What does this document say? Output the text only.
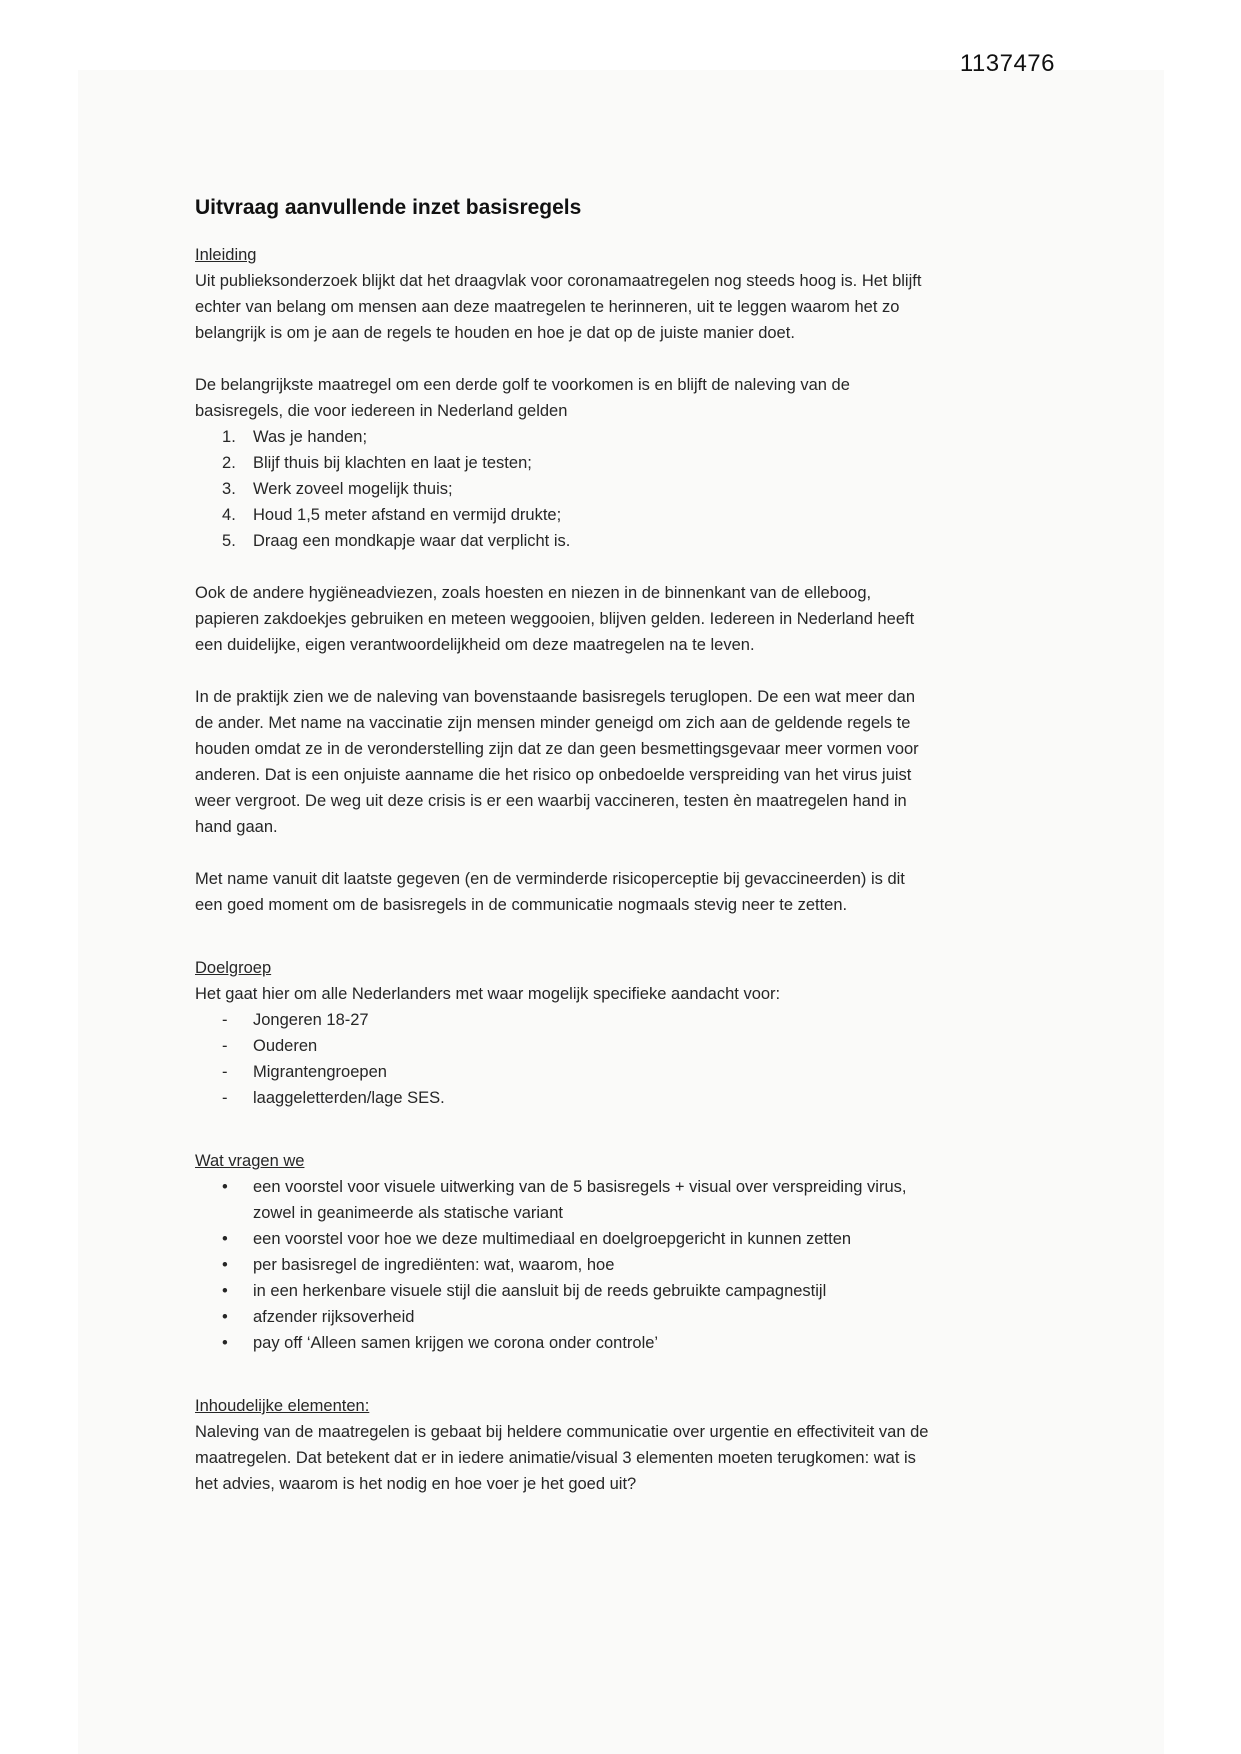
1137476
Uitvraag aanvullende inzet basisregels
Inleiding

Uit publieksonderzoek blijkt dat het draagvlak voor coronamaatregelen nog steeds hoog is. Het blijft echter van belang om mensen aan deze maatregelen te herinneren, uit te leggen waarom het zo belangrijk is om je aan de regels te houden en hoe je dat op de juiste manier doet.

De belangrijkste maatregel om een derde golf te voorkomen is en blijft de naleving van de basisregels, die voor iedereen in Nederland gelden

Was je handen;
Blijf thuis bij klachten en laat je testen;
Werk zoveel mogelijk thuis;
Houd 1,5 meter afstand en vermijd drukte;
Draag een mondkapje waar dat verplicht is.

Ook de andere hygiëneadviezen, zoals hoesten en niezen in de binnenkant van de elleboog, papieren zakdoekjes gebruiken en meteen weggooien, blijven gelden. Iedereen in Nederland heeft een duidelijke, eigen verantwoordelijkheid om deze maatregelen na te leven.

In de praktijk zien we de naleving van bovenstaande basisregels teruglopen. De een wat meer dan de ander. Met name na vaccinatie zijn mensen minder geneigd om zich aan de geldende regels te houden omdat ze in de veronderstelling zijn dat ze dan geen besmettingsgevaar meer vormen voor anderen. Dat is een onjuiste aanname die het risico op onbedoelde verspreiding van het virus juist weer vergroot. De weg uit deze crisis is er een waarbij vaccineren, testen èn maatregelen hand in hand gaan.

Met name vanuit dit laatste gegeven (en de verminderde risicoperceptie bij gevaccineerden) is dit een goed moment om de basisregels in de communicatie nogmaals stevig neer te zetten.

Doelgroep

Het gaat hier om alle Nederlanders met waar mogelijk specifieke aandacht voor:

- Jongeren 18-27
- Ouderen
- Migrantengroepen
- laaggeletterden/lage SES.
Wat vragen we
• een voorstel voor visuele uitwerking van de 5 basisregels + visual over verspreiding virus, zowel in geanimeerde als statische variant
• een voorstel voor hoe we deze multimediaal en doelgroepgericht in kunnen zetten
• per basisregel de ingrediënten: wat, waarom, hoe
• in een herkenbare visuele stijl die aansluit bij de reeds gebruikte campagnestijl
• afzender rijksoverheid
• pay off ‘Alleen samen krijgen we corona onder controle’
Inhoudelijke elementen:

Naleving van de maatregelen is gebaat bij heldere communicatie over urgentie en effectiviteit van de maatregelen. Dat betekent dat er in iedere animatie/visual 3 elementen moeten terugkomen: wat is het advies, waarom is het nodig en hoe voer je het goed uit?
